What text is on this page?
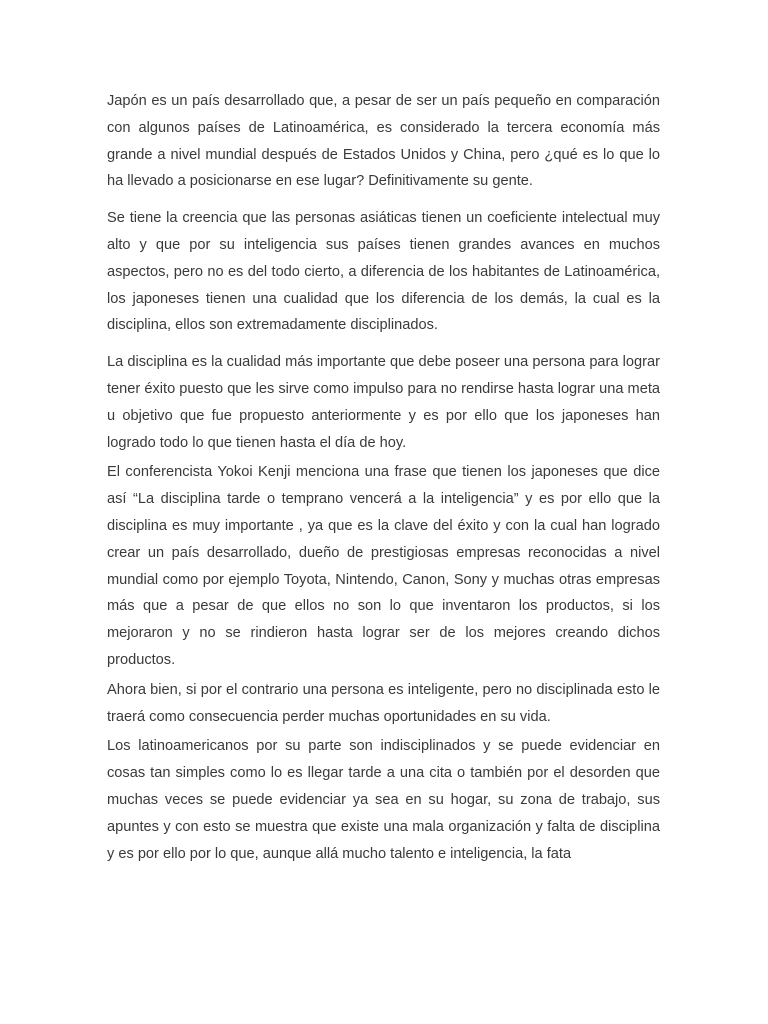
Japón es un país desarrollado que, a pesar de ser un país pequeño en comparación con algunos países de Latinoamérica, es considerado la tercera economía más grande a nivel mundial después de Estados Unidos y China, pero ¿qué es lo que lo ha llevado a posicionarse en ese lugar? Definitivamente su gente.

Se tiene la creencia que las personas asiáticas tienen un coeficiente intelectual muy alto y que por su inteligencia sus países tienen grandes avances en muchos aspectos, pero no es del todo cierto, a diferencia de los habitantes de Latinoamérica, los japoneses tienen una cualidad que los diferencia de los demás, la cual es la disciplina, ellos son extremadamente disciplinados.

La disciplina es la cualidad más importante que debe poseer una persona para lograr tener éxito puesto que les sirve como impulso para no rendirse hasta lograr una meta u objetivo que fue propuesto anteriormente y es por ello que los japoneses han logrado todo lo que tienen hasta el día de hoy.

El conferencista Yokoi Kenji menciona una frase que tienen los japoneses que dice así “La disciplina tarde o temprano vencerá a la inteligencia” y es por ello que la disciplina es muy importante , ya que es la clave del éxito y con la cual han logrado crear un país desarrollado, dueño de prestigiosas empresas reconocidas a nivel mundial como por ejemplo Toyota, Nintendo, Canon, Sony y muchas otras empresas más que a pesar de que ellos no son lo que inventaron los productos, si los mejoraron y no se rindieron hasta lograr ser de los mejores creando dichos productos.

Ahora bien, si por el contrario una persona es inteligente, pero no disciplinada esto le traerá como consecuencia perder muchas oportunidades en su vida.

Los latinoamericanos por su parte son indisciplinados y se puede evidenciar en cosas tan simples como lo es llegar tarde a una cita o también por el desorden que muchas veces se puede evidenciar ya sea en su hogar, su zona de trabajo, sus apuntes y con esto se muestra que existe una mala organización y falta de disciplina y es por ello por lo que, aunque allá mucho talento e inteligencia, la fata
